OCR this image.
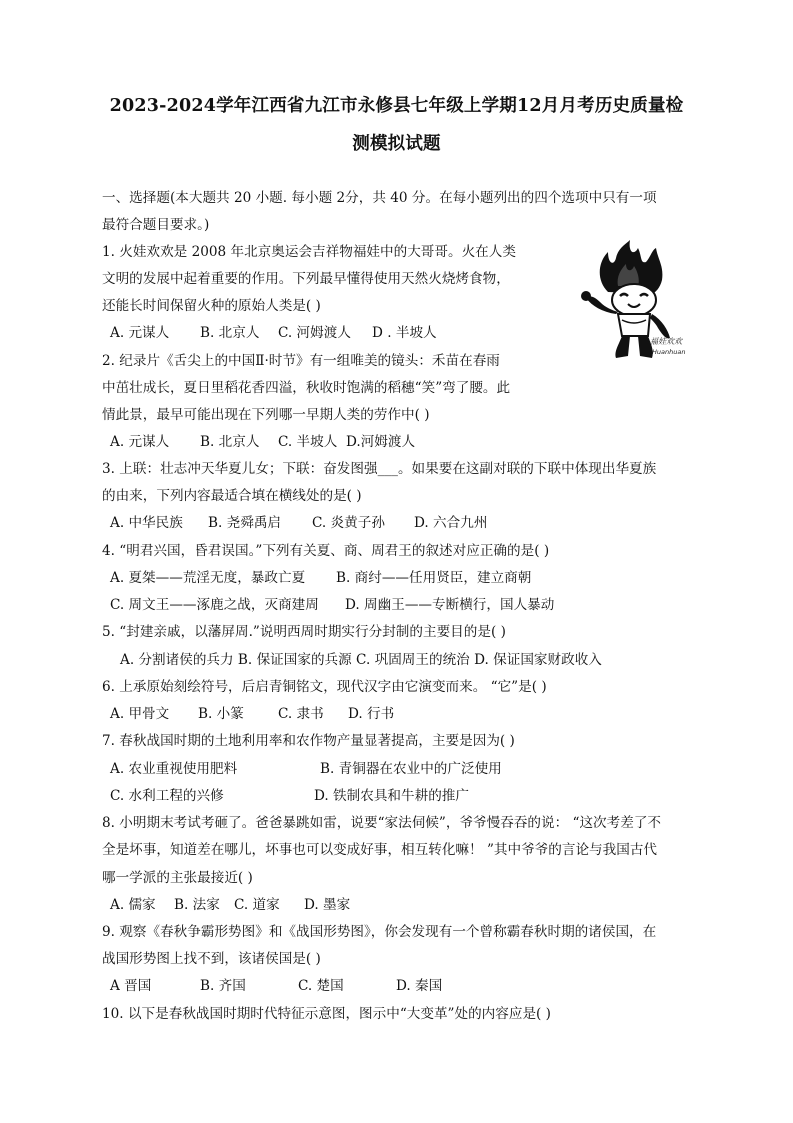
2023-2024学年江西省九江市永修县七年级上学期12月月考历史质量检
测模拟试题
一、选择题(本大题共 20 小题. 每小题 2分，共 40 分。在每小题列出的四个选项中只有一项
最符合题目要求。)
1. 火娃欢欢是 2008 年北京奥运会吉祥物福娃中的大哥哥。火在人类
文明的发展中起着重要的作用。下列最早懂得使用天然火烧烤食物，
还能长时间保留火种的原始人类是( )
A. 元谋人 B. 北京人 C. 河姆渡人 D . 半坡人
福娃欢欢
Huanhuan
2. 纪录片《舌尖上的中国Ⅱ·时节》有一组唯美的镜头：禾苗在春雨
中茁壮成长，夏日里稻花香四溢，秋收时饱满的稻穗“笑”弯了腰。此
情此景，最早可能出现在下列哪一早期人类的劳作中( )
A. 元谋人 B. 北京人 C. 半坡人 D.河姆渡人
3. 上联：壮志冲天华夏儿女；下联：奋发图强___。如果要在这副对联的下联中体现出华夏族
的由来，下列内容最适合填在横线处的是( )
A. 中华民族 B. 尧舜禹启 C. 炎黄子孙 D. 六合九州
4. “明君兴国，昏君误国。”下列有关夏、商、周君王的叙述对应正确的是( )
A. 夏桀——荒淫无度，暴政亡夏 B. 商纣——任用贤臣，建立商朝
C. 周文王——涿鹿之战，灭商建周 D. 周幽王——专断横行，国人暴动
5. “封建亲戚，以藩屏周.”说明西周时期实行分封制的主要目的是( )
A. 分割诸侯的兵力 B. 保证国家的兵源 C. 巩固周王的统治 D. 保证国家财政收入
6. 上承原始刻绘符号，后启青铜铭文，现代汉字由它演变而来。 “它”是( )
A. 甲骨文 B. 小篆	C. 隶书 D. 行书
7. 春秋战国时期的土地利用率和农作物产量显著提高，主要是因为( )
A. 农业重视使用肥料	B. 青铜器在农业中的广泛使用
C. 水利工程的兴修	D. 铁制农具和牛耕的推广
8. 小明期末考试考砸了。爸爸暴跳如雷，说要“家法伺候”，爷爷慢吞吞的说： “这次考差了不
全是坏事，知道差在哪儿，坏事也可以变成好事，相互转化嘛！ ”其中爷爷的言论与我国古代
哪一学派的主张最接近( )
A. 儒家 B. 法家 C. 道家 D. 墨家
9. 观察《春秋争霸形势图》和《战国形势图》，你会发现有一个曾称霸春秋时期的诸侯国，在
战国形势图上找不到，该诸侯国是( )
A 晋国	B. 齐国	C. 楚国	D. 秦国
10. 以下是春秋战国时期时代特征示意图，图示中“大变革”处的内容应是( )
